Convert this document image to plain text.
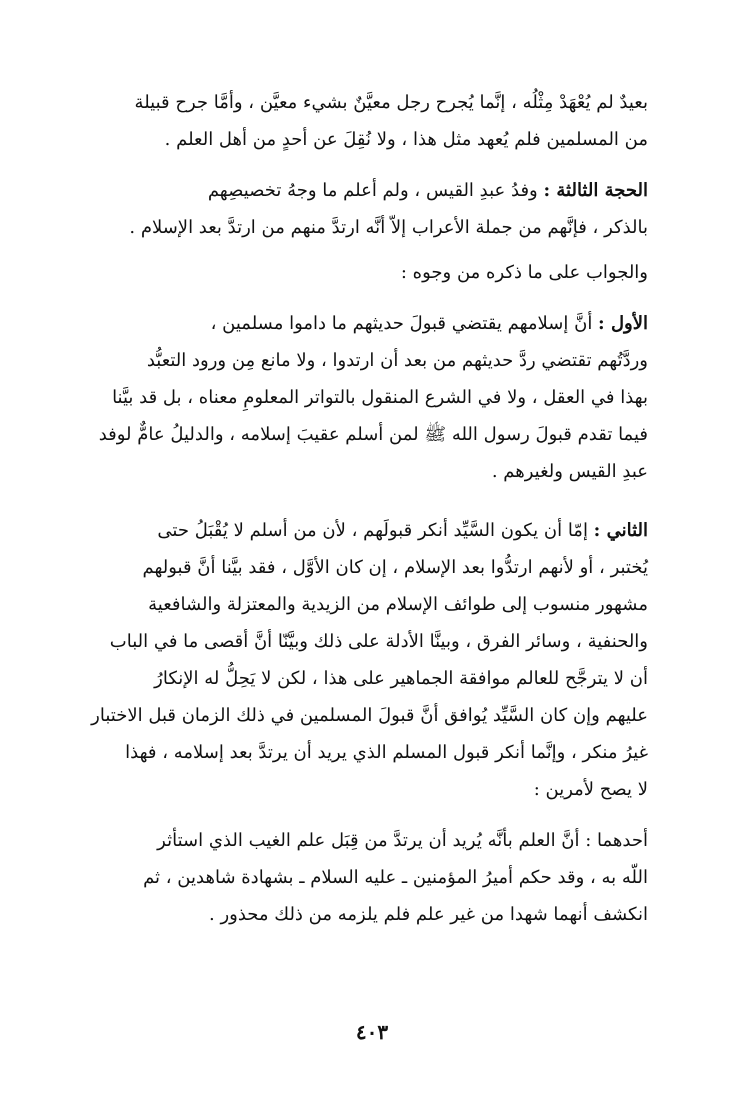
بعيدٌ لم يُعْهَدْ مِثْلُه ، إنَّما يُجرح رجل معيَّنٌ بشيء معيَّن ، وأمَّا جرح قبيلة
من المسلمين فلم يُعهد مثل هذا ، ولا نُقِلَ عن أحدٍ من أهل العلم .

الحجة الثالثة : وفدُ عبدِ القيس ، ولم أعلم ما وجهُ تخصيصِهم
بالذكر ، فإنَّهم من جملة الأعراب إلاّ أنَّه ارتدَّ منهم من ارتدَّ بعد الإسلام .

والجواب على ما ذكره من وجوه :

الأول : أنَّ إسلامهم يقتضي قبولَ حديثهم ما داموا مسلمين ،
وردَّتُهم تقتضي ردَّ حديثهم من بعد أن ارتدوا ، ولا مانع مِن ورود التعبُّد
بهذا في العقل ، ولا في الشرع المنقول بالتواتر المعلومِ معناه ، بل قد بيَّنا
فيما تقدم قبولَ رسول الله ﷺ لمن أسلم عقيبَ إسلامه ، والدليلُ عامٌّ لوفد
عبدِ القيس ولغيرهم .

الثاني : إمّا أن يكون السَّيِّد أنكر قبولَهم ، لأن من أسلم لا يُقْبَلُ حتى
يُختبر ، أو لأنهم ارتدُّوا بعد الإسلام ، إن كان الأوَّل ، فقد بيَّنا أنَّ قبولهم
مشهور منسوب إلى طوائف الإسلام من الزيدية والمعتزلة والشافعية
والحنفية ، وسائر الفرق ، وبينَّا الأدلة على ذلك وبيَّنّا أنَّ أقصى ما في الباب
أن لا يترجَّح للعالم موافقة الجماهير على هذا ، لكن لا يَحِلُّ له الإنكارُ
عليهم وإن كان السَّيِّد يُوافق أنَّ قبولَ المسلمين في ذلك الزمان قبل الاختبار
غيرُ منكر ، وإنَّما أنكر قبول المسلم الذي يريد أن يرتدَّ بعد إسلامه ، فهذا
لا يصح لأمرين :

أحدهما : أنَّ العلم بأنَّه يُريد أن يرتدَّ من قِبَل علم الغيب الذي استأثر
اللّه به ، وقد حكم أميرُ المؤمنين ـ عليه السلام ـ بشهادة شاهدين ، ثم
انكشف أنهما شهدا من غير علم فلم يلزمه من ذلك محذور .

٤٠٣
